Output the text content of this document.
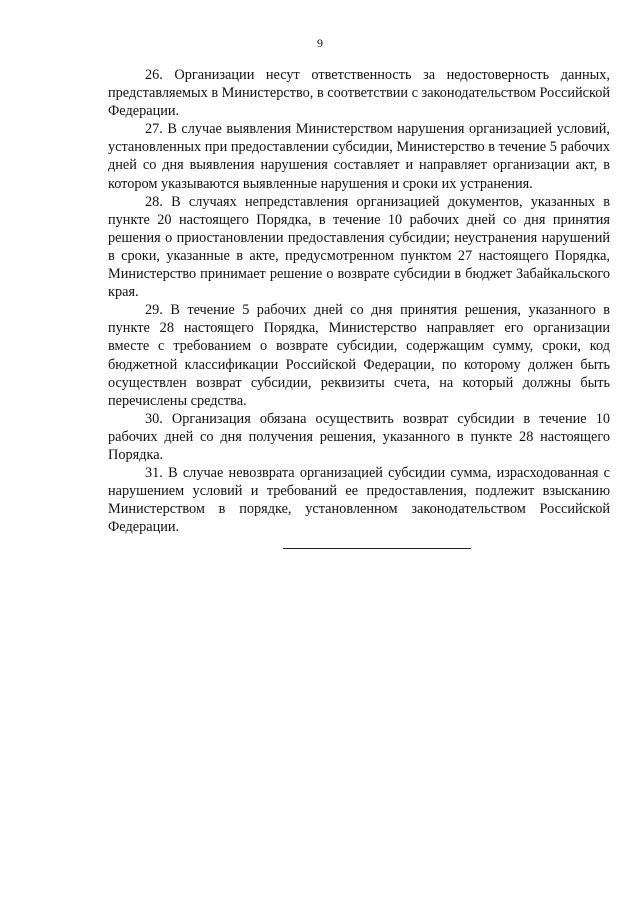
9

26. Организации несут ответственность за недостоверность данных, представляемых в Министерство, в соответствии с законодательством Российской Федерации.

27. В случае выявления Министерством нарушения организацией условий, установленных при предоставлении субсидии, Министерство в течение 5 рабочих дней со дня выявления нарушения составляет и направляет организации акт, в котором указываются выявленные нарушения и сроки их устранения.

28. В случаях непредставления организацией документов, указанных в пункте 20 настоящего Порядка, в течение 10 рабочих дней со дня принятия решения о приостановлении предоставления субсидии; неустранения нарушений в сроки, указанные в акте, предусмотренном пунктом 27 настоящего Порядка, Министерство принимает решение о возврате субсидии в бюджет Забайкальского края.

29. В течение 5 рабочих дней со дня принятия решения, указанного в пункте 28 настоящего Порядка, Министерство направляет его организации вместе с требованием о возврате субсидии, содержащим сумму, сроки, код бюджетной классификации Российской Федерации, по которому должен быть осуществлен возврат субсидии, реквизиты счета, на который должны быть перечислены средства.

30. Организация обязана осуществить возврат субсидии в течение 10 рабочих дней со дня получения решения, указанного в пункте 28 настоящего Порядка.

31. В случае невозврата организацией субсидии сумма, израсходованная с нарушением условий и требований ее предоставления, подлежит взысканию Министерством в порядке, установленном законодательством Российской Федерации.
